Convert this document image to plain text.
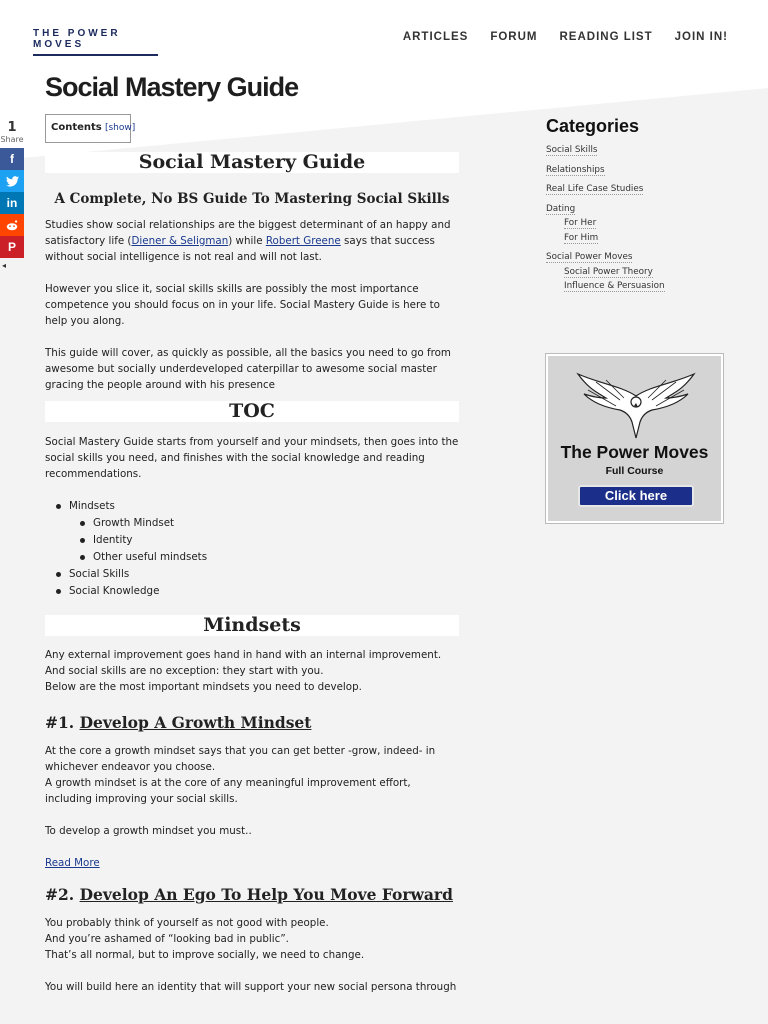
THE POWER MOVES
ARTICLES FORUM READING LIST JOIN IN!
Social Mastery Guide
Contents [show]
1
Share
f
in
P
◂
Social Mastery Guide
A Complete, No BS Guide To Mastering Social Skills

Studies show social relationships are the biggest determinant of an happy and satisfactory life (Diener & Seligman) while Robert Greene says that success without social intelligence is not real and will not last.

However you slice it, social skills skills are possibly the most importance competence you should focus on in your life. Social Mastery Guide is here to help you along.

This guide will cover, as quickly as possible, all the basics you need to go from awesome but socially underdeveloped caterpillar to awesome social master gracing the people around with his presence

TOC

Social Mastery Guide starts from yourself and your mindsets, then goes into the social skills you need, and finishes with the social knowledge and reading recommendations.

Mindsets
Growth Mindset
Identity
Other useful mindsets
Social Skills
Social Knowledge
Mindsets

Any external improvement goes hand in hand with an internal improvement. And social skills are no exception: they start with you.

Below are the most important mindsets you need to develop.

#1. Develop A Growth Mindset

At the core a growth mindset says that you can get better -grow, indeed- in whichever endeavor you choose.

A growth mindset is at the core of any meaningful improvement effort, including improving your social skills.

To develop a growth mindset you must..

Read More

#2. Develop An Ego To Help You Move Forward

You probably think of yourself as not good with people.

And you’re ashamed of “looking bad in public”.

That’s all normal, but to improve socially, we need to change.

You will build here an identity that will support your new social persona through

Categories
Social Skills
Relationships
Real Life Case Studies
Dating
For Her
For Him
Social Power Moves
Social Power Theory
Influence & Persuasion
The Power Moves
Full Course
Click here
